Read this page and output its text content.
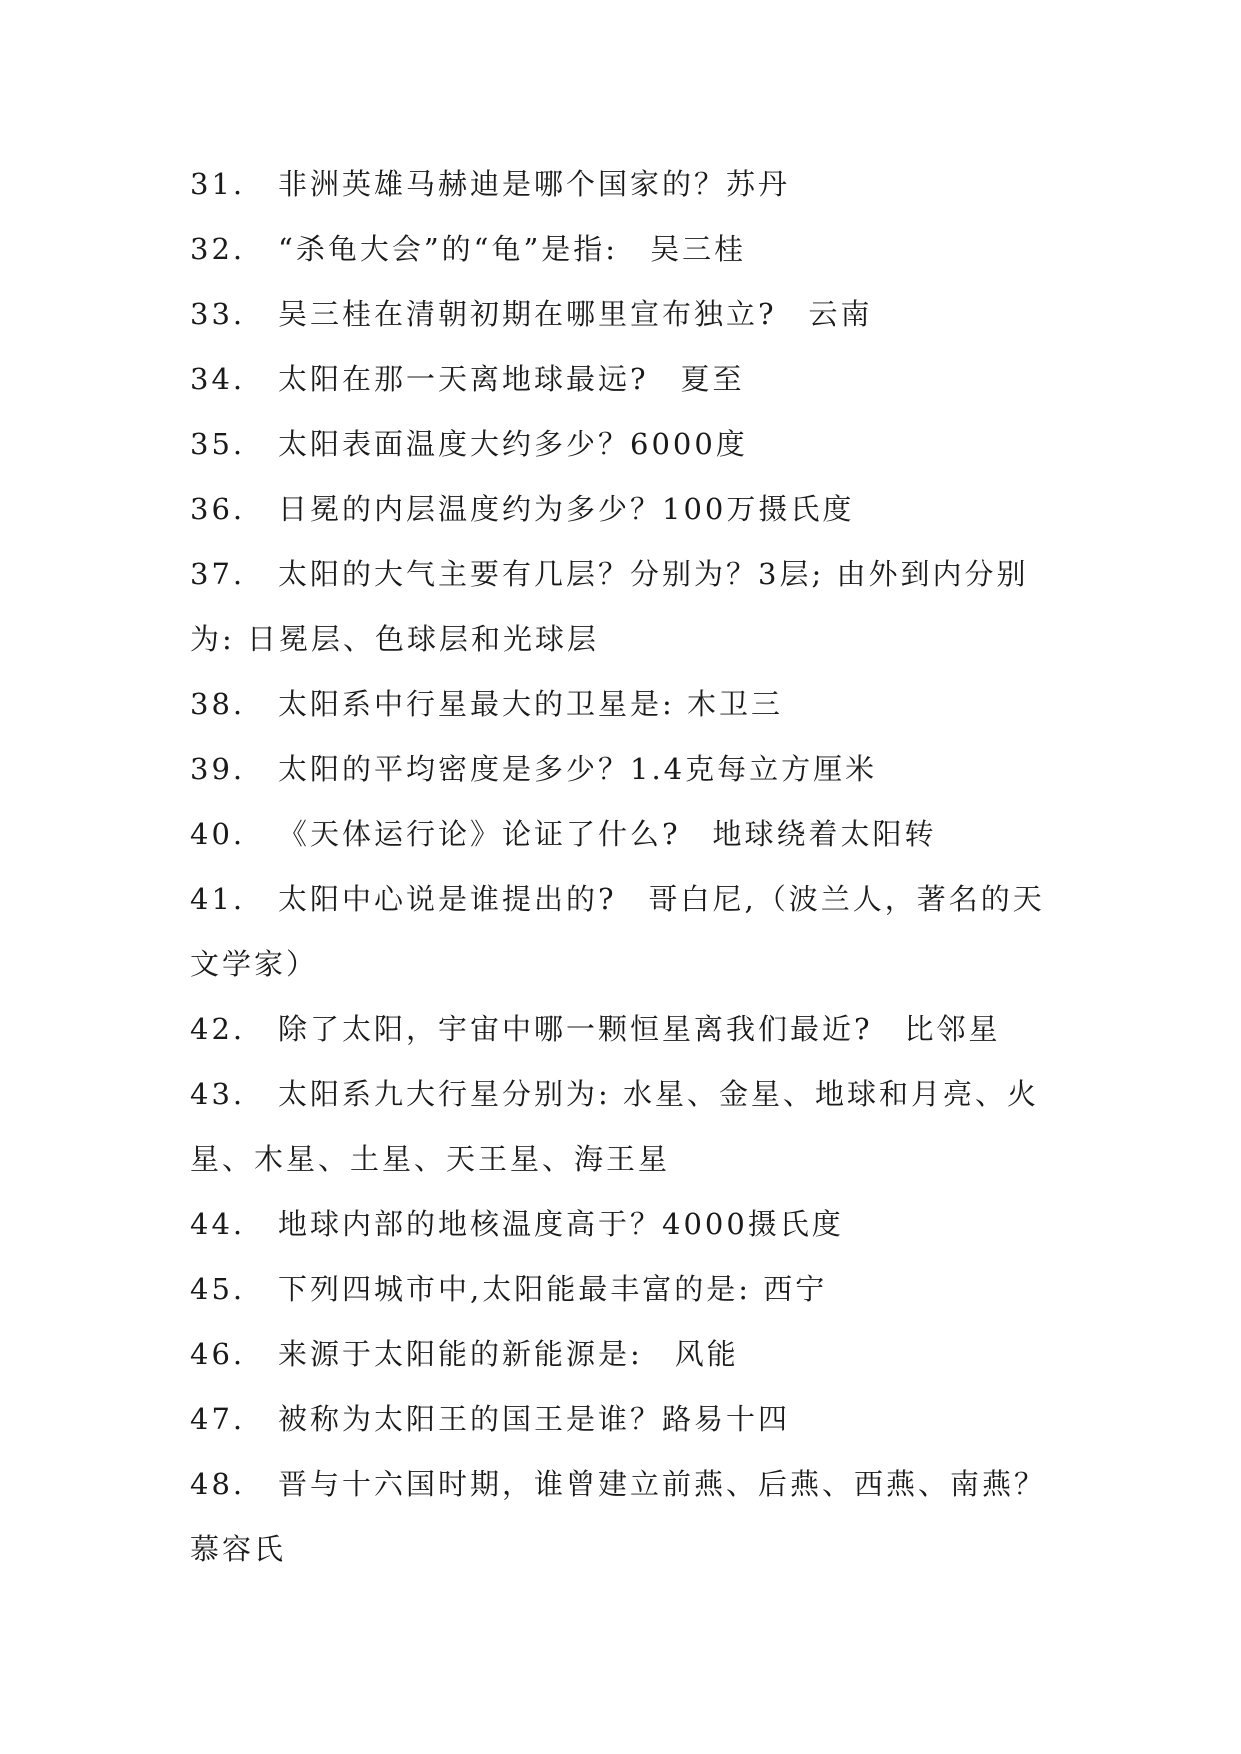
31. 非洲英雄马赫迪是哪个国家的？苏丹

32. “杀龟大会”的“龟”是指:　吴三桂

33. 吴三桂在清朝初期在哪里宣布独立?　云南

34. 太阳在那一天离地球最远?　夏至

35. 太阳表面温度大约多少？6000度

36. 日冕的内层温度约为多少？100万摄氏度

37. 太阳的大气主要有几层？分别为？3层; 由外到内分别为: 日冕层、色球层和光球层

38. 太阳系中行星最大的卫星是: 木卫三

39. 太阳的平均密度是多少？1.4克每立方厘米

40. 《天体运行论》论证了什么?　地球绕着太阳转

41. 太阳中心说是谁提出的?　哥白尼,（波兰人，著名的天文学家）

42. 除了太阳，宇宙中哪一颗恒星离我们最近?　比邻星

43. 太阳系九大行星分别为: 水星、金星、地球和月亮、火星、木星、土星、天王星、海王星

44. 地球内部的地核温度高于？4000摄氏度

45. 下列四城市中,太阳能最丰富的是: 西宁

46. 来源于太阳能的新能源是:　风能

47. 被称为太阳王的国王是谁？路易十四

48. 晋与十六国时期，谁曾建立前燕、后燕、西燕、南燕？慕容氏
